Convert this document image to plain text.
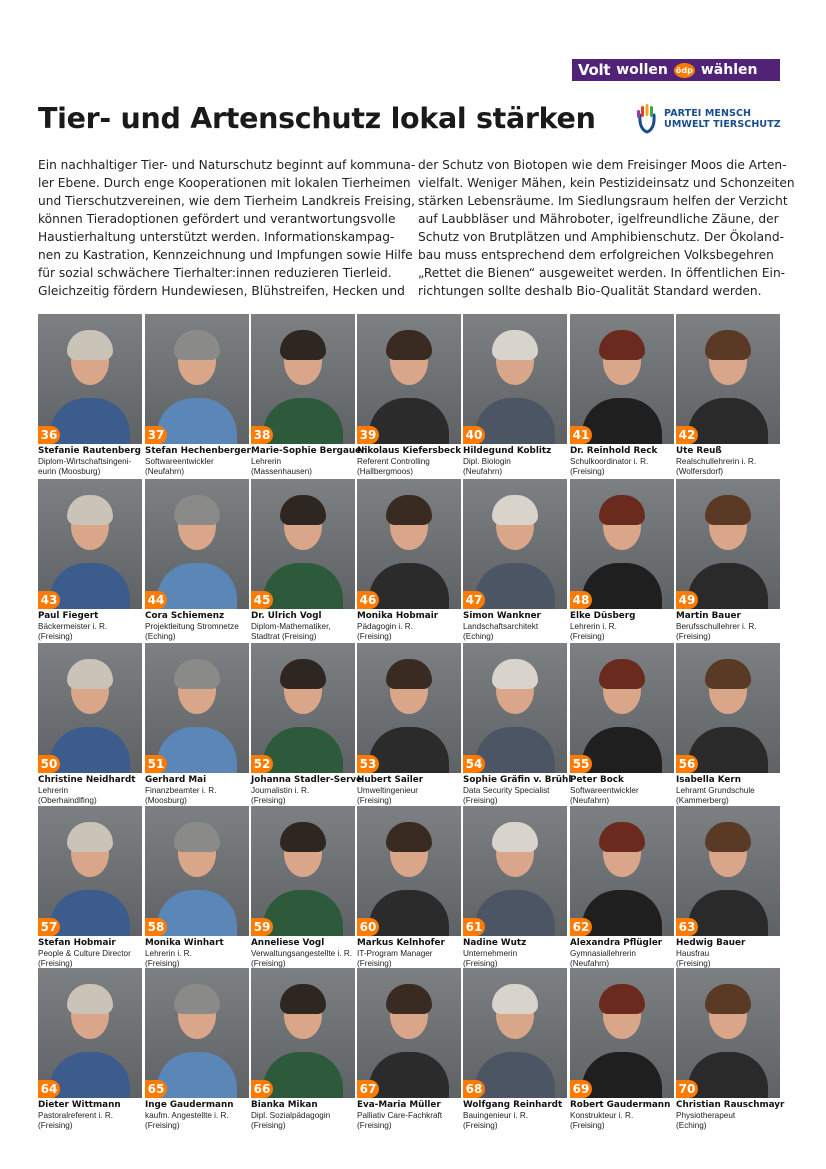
Volt wollen ödp wählen
Tier- und Artenschutz lokal stärken	PARTEI MENSCH
UMWELT TIERSCHUTZ
Ein nachhaltiger Tier- und Naturschutz beginnt auf kommuna-
ler Ebene. Durch enge Kooperationen mit lokalen Tierheimen
und Tierschutzvereinen, wie dem Tierheim Landkreis Freising,
können Tieradoptionen gefördert und verantwortungsvolle
Haustierhaltung unterstützt werden. Informationskampag-
nen zu Kastration, Kennzeichnung und Impfungen sowie Hilfe
für sozial schwächere Tierhalter:innen reduzieren Tierleid.
Gleichzeitig fördern Hundewiesen, Blühstreifen, Hecken und
der Schutz von Biotopen wie dem Freisinger Moos die Arten-
vielfalt. Weniger Mähen, kein Pestizideinsatz und Schonzeiten
stärken Lebensräume. Im Siedlungsraum helfen der Verzicht
auf Laubbläser und Mähroboter, igelfreundliche Zäune, der
Schutz von Brutplätzen und Amphibienschutz. Der Ökoland-
bau muss entsprechend dem erfolgreichen Volksbegehren
„Rettet die Bienen“ ausgeweitet werden. In öffentlichen Ein-
richtungen sollte deshalb Bio-Qualität Standard werden.
36
Stefanie Rautenberg
Diplom-Wirtschaftsingeni-
eurin (Moosburg)
37
Stefan Hechenberger
Softwareentwickler
(Neufahrn)
38
Marie-Sophie Bergauer
Lehrerin
(Massenhausen)
39
Nikolaus Kiefersbeck
Referent Controlling
(Hallbergmoos)
40
Hildegund Koblitz
Dipl. Biologin
(Neufahrn)
41
Dr. Reinhold Reck
Schulkoordinator i. R.
(Freising)
42
Ute Reuß
Realschullehrerin i. R.
(Wolfersdorf)
43
Paul Fiegert
Bäckermeister i. R.
(Freising)
44
Cora Schiemenz
Projektleitung Stromnetze
(Eching)
45
Dr. Ulrich Vogl
Diplom-Mathematiker,
Stadtrat (Freising)
46
Monika Hobmair
Pädagogin i. R.
(Freising)
47
Simon Wankner
Landschaftsarchitekt
(Eching)
48
Elke Düsberg
Lehrerin i. R.
(Freising)
49
Martin Bauer
Berufsschullehrer i. R.
(Freising)
50
Christine Neidhardt
Lehrerin
(Oberhaindlfing)
51
Gerhard Mai
Finanzbeamter i. R.
(Moosburg)
52
Johanna Stadler-Serve
Journalistin i. R.
(Freising)
53
Hubert Sailer
Umweltingenieur
(Freising)
54
Sophie Gräfin v. Brühl
Data Security Specialist
(Freising)
55
Peter Bock
Softwareentwickler
(Neufahrn)
56
Isabella Kern
Lehramt Grundschule
(Kammerberg)
57
Stefan Hobmair
People & Culture Director
(Freising)
58
Monika Winhart
Lehrerin i. R.
(Freising)
59
Anneliese Vogl
Verwaltungsangestellte i. R.
(Freising)
60
Markus Kelnhofer
IT-Program Manager
(Freising)
61
Nadine Wutz
Unternehmerin
(Freising)
62
Alexandra Pflügler
Gymnasiallehrerin
(Neufahrn)
63
Hedwig Bauer
Hausfrau
(Freising)
64
Dieter Wittmann
Pastoralreferent i. R.
(Freising)
65
Inge Gaudermann
kaufm. Angestellte i. R.
(Freising)
66
Bianka Mikan
Dipl. Sozialpädagogin
(Freising)
67
Eva-Maria Müller
Palliativ Care-Fachkraft
(Freising)
68
Wolfgang Reinhardt
Bauingenieur i. R.
(Freising)
69
Robert Gaudermann
Konstrukteur i. R.
(Freising)
70
Christian Rauschmayr
Physiotherapeut
(Eching)
